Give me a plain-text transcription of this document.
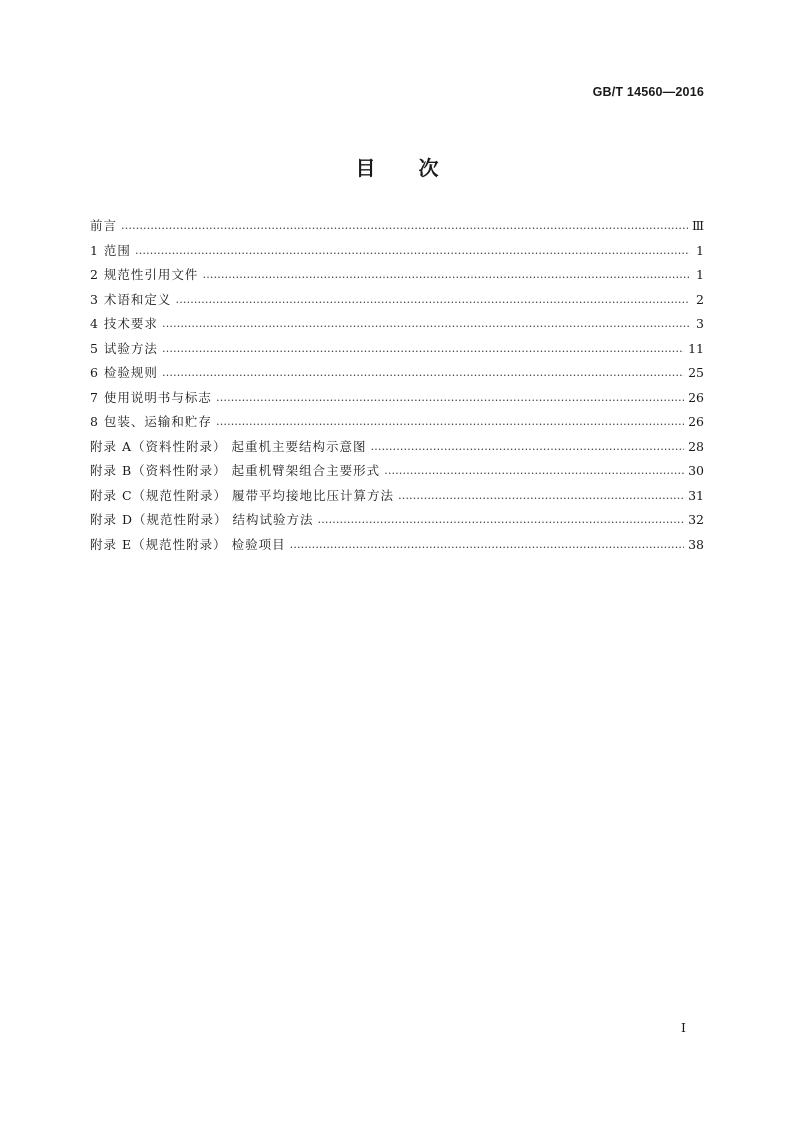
GB/T 14560—2016
目 次
前言 ……………………………………………………………………………………………………………………………………………………………………………………	Ⅲ
1 范围 ……………………………………………………………………………………………………………………………………………………………………………………	1
2 规范性引用文件 ……………………………………………………………………………………………………………………………………………………………………………………	1
3 术语和定义 ……………………………………………………………………………………………………………………………………………………………………………………	2
4 技术要求 ……………………………………………………………………………………………………………………………………………………………………………………	3
5 试验方法 ……………………………………………………………………………………………………………………………………………………………………………………	11
6 检验规则 ……………………………………………………………………………………………………………………………………………………………………………………	25
7 使用说明书与标志 ……………………………………………………………………………………………………………………………………………………………………………………	26
8 包装、运输和贮存 ……………………………………………………………………………………………………………………………………………………………………………………	26
附录 A（资料性附录） 起重机主要结构示意图 ……………………………………………………………………………………………………………………………………………………………………………………	28
附录 B（资料性附录） 起重机臂架组合主要形式 ……………………………………………………………………………………………………………………………………………………………………………………	30
附录 C（规范性附录） 履带平均接地比压计算方法 ……………………………………………………………………………………………………………………………………………………………………………………	31
附录 D（规范性附录） 结构试验方法 ……………………………………………………………………………………………………………………………………………………………………………………	32
附录 E（规范性附录） 检验项目 ……………………………………………………………………………………………………………………………………………………………………………………	38
Ⅰ
